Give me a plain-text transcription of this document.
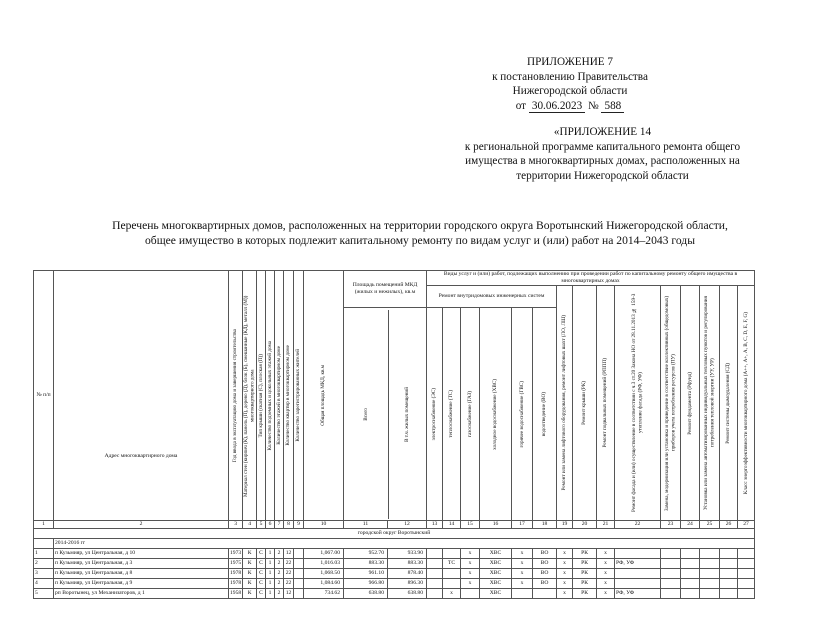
ПРИЛОЖЕНИЕ 7
к постановлению Правительства
Нижегородской области
от 30.06.2023 № 588
«ПРИЛОЖЕНИЕ 14
к региональной программе капитального ремонта общего
имущества в многоквартирных домах, расположенных на
территории Нижегородской области
Перечень многоквартирных домов, расположенных на территории городского округа Воротынский Нижегородской области,
общее имущество в которых подлежит капитальному ремонту по видам услуг и (или) работ на 2014–2043 годы
№ п/п	Адрес многоквартирного дома	Год ввода в эксплуатацию дома и завершения строительства	Материал стен (кирпич (К), панель (П), дерево (Д), блок (Б), смешанные (КД), металл (М)) многоквартирного дома	Тип крыши (скатная (С), плоская (П))	Количество подземных и цокольных этажей дома	Количество этажей в многоквартирном доме	Количество квартир в многоквартирном доме	Количество зарегистрированных жителей	Общая площадь МКД, кв.м
	Площадь помещений МКД (жилых и нежилых), кв.м	Виды услуг и (или) работ, подлежащих выполнению при проведении работ по капитальному ремонту общего имущества в многоквартирных домах
Ремонт внутридомовых инженерных систем	
Ремонт или замена лифтового оборудования, ремонт лифтовых шахт (ЛО, ЛШ)	Ремонт крыши (РК)	Ремонт подвальных помещений (РППП)	Ремонт фасада и (или) осуществление в соответствии с ч.3 ст.20 Закона НО от 28.11.2013 № 159-З утепление фасада (РФ, УФ)	Замена, модернизация или установка и приведение в соответствие коллективных (общедомовых) приборов учета потребления ресурсов (ПУ)	Ремонт фундамента (Рфунд)	Установка или замена автоматизированных индивидуальных тепловых пунктов и регулирования потребления тепловой энергии (УУ, УР)	Ремонт системы дымоудаления (СД)	Класс энергоэффективности многоквартирного дома (А++, А+, А, B, C, D, E, F, G)

Всего	В т.ч. жилых помещений
		электроснабжение (ЭС)	теплоснабжение (ТС)	газоснабжение (ГАЗ)	холодное водоснабжение (ХВС)	горячее водоснабжение (ГВС)	водоотведение (ВО)

1	2	3	4	5	6	7	8	9	10	11	12	13	14	15	16	17	18	19	20	21	22	23	24	25	26	27
городской округ Воротынский
	2014-2016 гг
1	п Кузьмияр, ул Центральная, д 10	1973	К	С	1	2	12		1,067.00	952.70	933.90			х	ХВС	х	ВО	х	РК	х						
2	п Кузьмияр, ул Центральная, д 3	1975	К	С	1	2	22		1,016.03	883.30	883.30		ТС	х	ХВС	х	ВО	х	РК	х	РФ, УФ					
3	п Кузьмияр, ул Центральная, д 8	1978	К	С	1	2	22		1,068.50	961.10	878.40			х	ХВС	х	ВО	х	РК	х						
4	п Кузьмияр, ул Центральная, д 9	1978	К	С	1	2	22		1,084.60	966.80	896.30			х	ХВС	х	ВО	х	РК	х						
5	рп Воротынец, ул Механизаторов, д 1	1958	К	С	1	2	12		734.62	638.80	638.80		х		ХВС			х	РК	х	РФ, УФ					
